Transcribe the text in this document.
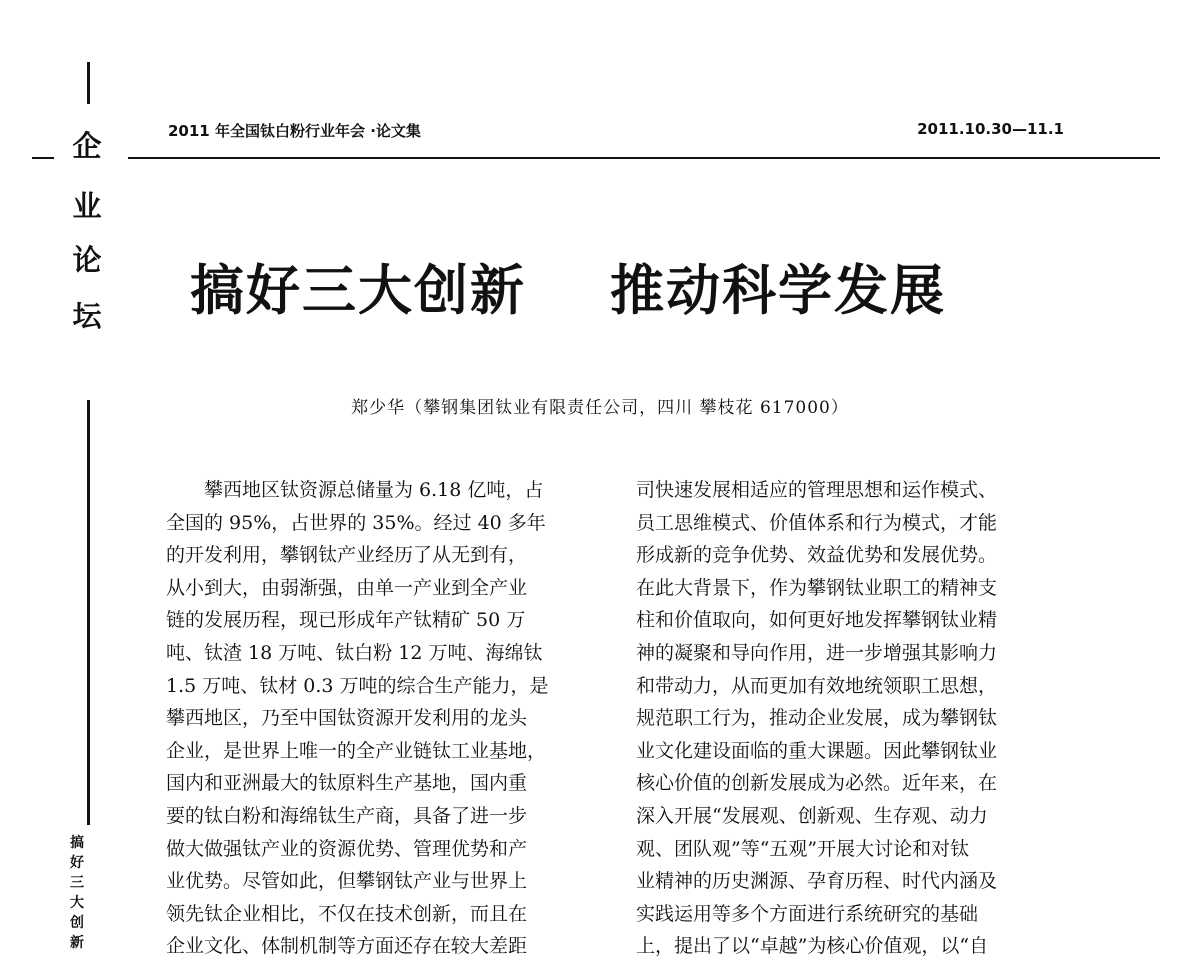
企
业
论
坛
2011 年全国钛白粉行业年会 ·论文集	2011.10.30—11.1
搞好三大创新 推动科学发展
郑少华（攀钢集团钛业有限责任公司，四川 攀枝花 617000）

　　攀西地区钛资源总储量为 6.18 亿吨，占

全国的 95%，占世界的 35%。经过 40 多年

的开发利用，攀钢钛产业经历了从无到有，

从小到大，由弱渐强，由单一产业到全产业

链的发展历程，现已形成年产钛精矿 50 万

吨、钛渣 18 万吨、钛白粉 12 万吨、海绵钛

1.5 万吨、钛材 0.3 万吨的综合生产能力，是

攀西地区，乃至中国钛资源开发利用的龙头

企业，是世界上唯一的全产业链钛工业基地，

国内和亚洲最大的钛原料生产基地，国内重

要的钛白粉和海绵钛生产商，具备了进一步

做大做强钛产业的资源优势、管理优势和产

业优势。尽管如此，但攀钢钛产业与世界上

领先钛企业相比，不仅在技术创新，而且在

企业文化、体制机制等方面还存在较大差距

司快速发展相适应的管理思想和运作模式、

员工思维模式、价值体系和行为模式，才能

形成新的竞争优势、效益优势和发展优势。

在此大背景下，作为攀钢钛业职工的精神支

柱和价值取向，如何更好地发挥攀钢钛业精

神的凝聚和导向作用，进一步增强其影响力

和带动力，从而更加有效地统领职工思想，

规范职工行为，推动企业发展，成为攀钢钛

业文化建设面临的重大课题。因此攀钢钛业

核心价值的创新发展成为必然。近年来，在

深入开展“发展观、创新观、生存观、动力

观、团队观”等“五观”开展大讨论和对钛

业精神的历史渊源、孕育历程、时代内涵及

实践运用等多个方面进行系统研究的基础

上，提出了以“卓越”为核心价值观，以“自

搞
好
三
大
创
新
